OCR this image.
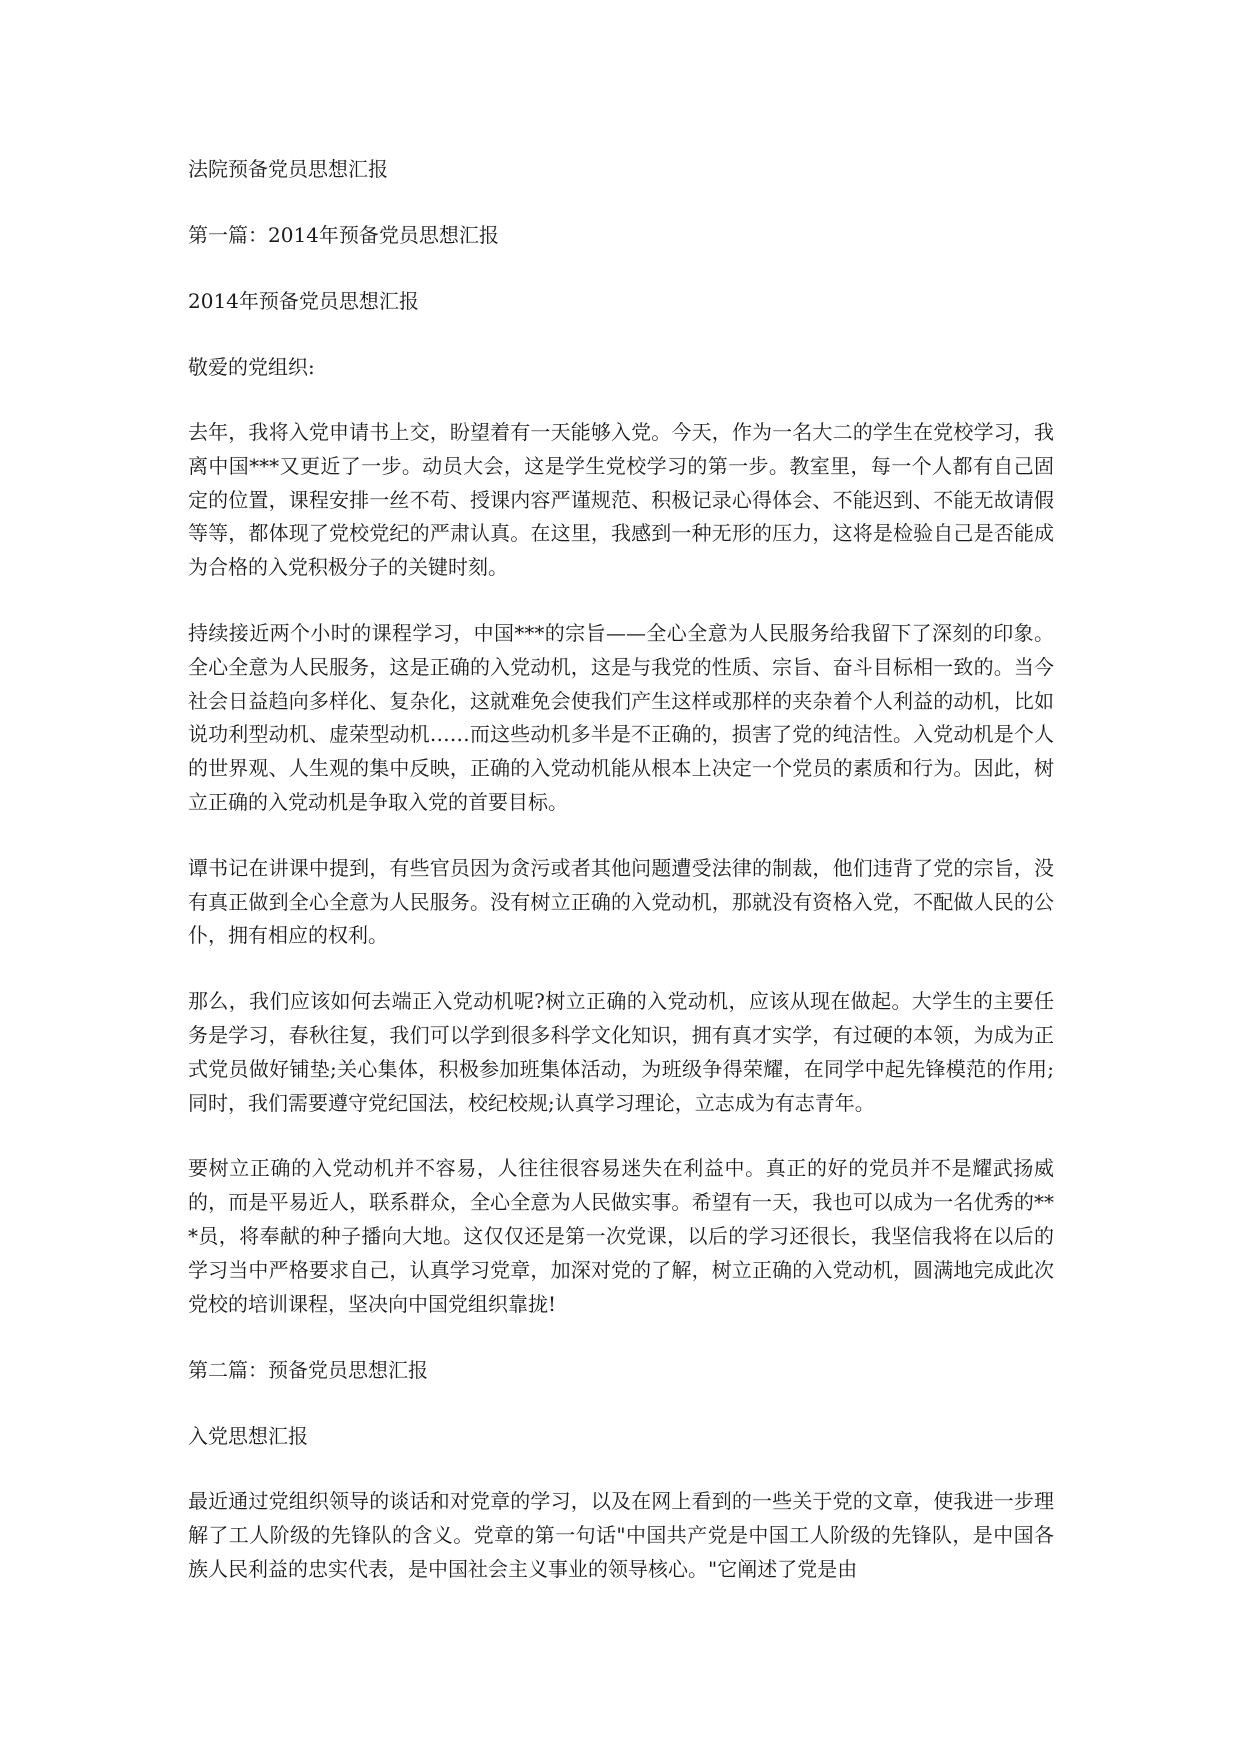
法院预备党员思想汇报

第一篇：2014年预备党员思想汇报

2014年预备党员思想汇报

敬爱的党组织:

去年，我将入党申请书上交，盼望着有一天能够入党。今天，作为一名大二的学生在党校学习，我离中国***又更近了一步。动员大会，这是学生党校学习的第一步。教室里，每一个人都有自己固定的位置，课程安排一丝不苟、授课内容严谨规范、积极记录心得体会、不能迟到、不能无故请假等等，都体现了党校党纪的严肃认真。在这里，我感到一种无形的压力，这将是检验自己是否能成为合格的入党积极分子的关键时刻。

持续接近两个小时的课程学习，中国***的宗旨——全心全意为人民服务给我留下了深刻的印象。全心全意为人民服务，这是正确的入党动机，这是与我党的性质、宗旨、奋斗目标相一致的。当今社会日益趋向多样化、复杂化，这就难免会使我们产生这样或那样的夹杂着个人利益的动机，比如说功利型动机、虚荣型动机……而这些动机多半是不正确的，损害了党的纯洁性。入党动机是个人的世界观、人生观的集中反映，正确的入党动机能从根本上决定一个党员的素质和行为。因此，树立正确的入党动机是争取入党的首要目标。

谭书记在讲课中提到，有些官员因为贪污或者其他问题遭受法律的制裁，他们违背了党的宗旨，没有真正做到全心全意为人民服务。没有树立正确的入党动机，那就没有资格入党，不配做人民的公仆，拥有相应的权利。

那么，我们应该如何去端正入党动机呢?树立正确的入党动机，应该从现在做起。大学生的主要任务是学习，春秋往复，我们可以学到很多科学文化知识，拥有真才实学，有过硬的本领，为成为正式党员做好铺垫;关心集体，积极参加班集体活动，为班级争得荣耀，在同学中起先锋模范的作用;同时，我们需要遵守党纪国法，校纪校规;认真学习理论，立志成为有志青年。

要树立正确的入党动机并不容易，人往往很容易迷失在利益中。真正的好的党员并不是耀武扬威的，而是平易近人，联系群众，全心全意为人民做实事。希望有一天，我也可以成为一名优秀的***员，将奉献的种子播向大地。这仅仅还是第一次党课，以后的学习还很长，我坚信我将在以后的学习当中严格要求自己，认真学习党章，加深对党的了解，树立正确的入党动机，圆满地完成此次党校的培训课程，坚决向中国党组织靠拢!

第二篇：预备党员思想汇报

入党思想汇报

最近通过党组织领导的谈话和对党章的学习，以及在网上看到的一些关于党的文章，使我进一步理解了工人阶级的先锋队的含义。党章的第一句话"中国共产党是中国工人阶级的先锋队，是中国各族人民利益的忠实代表，是中国社会主义事业的领导核心。"它阐述了党是由
